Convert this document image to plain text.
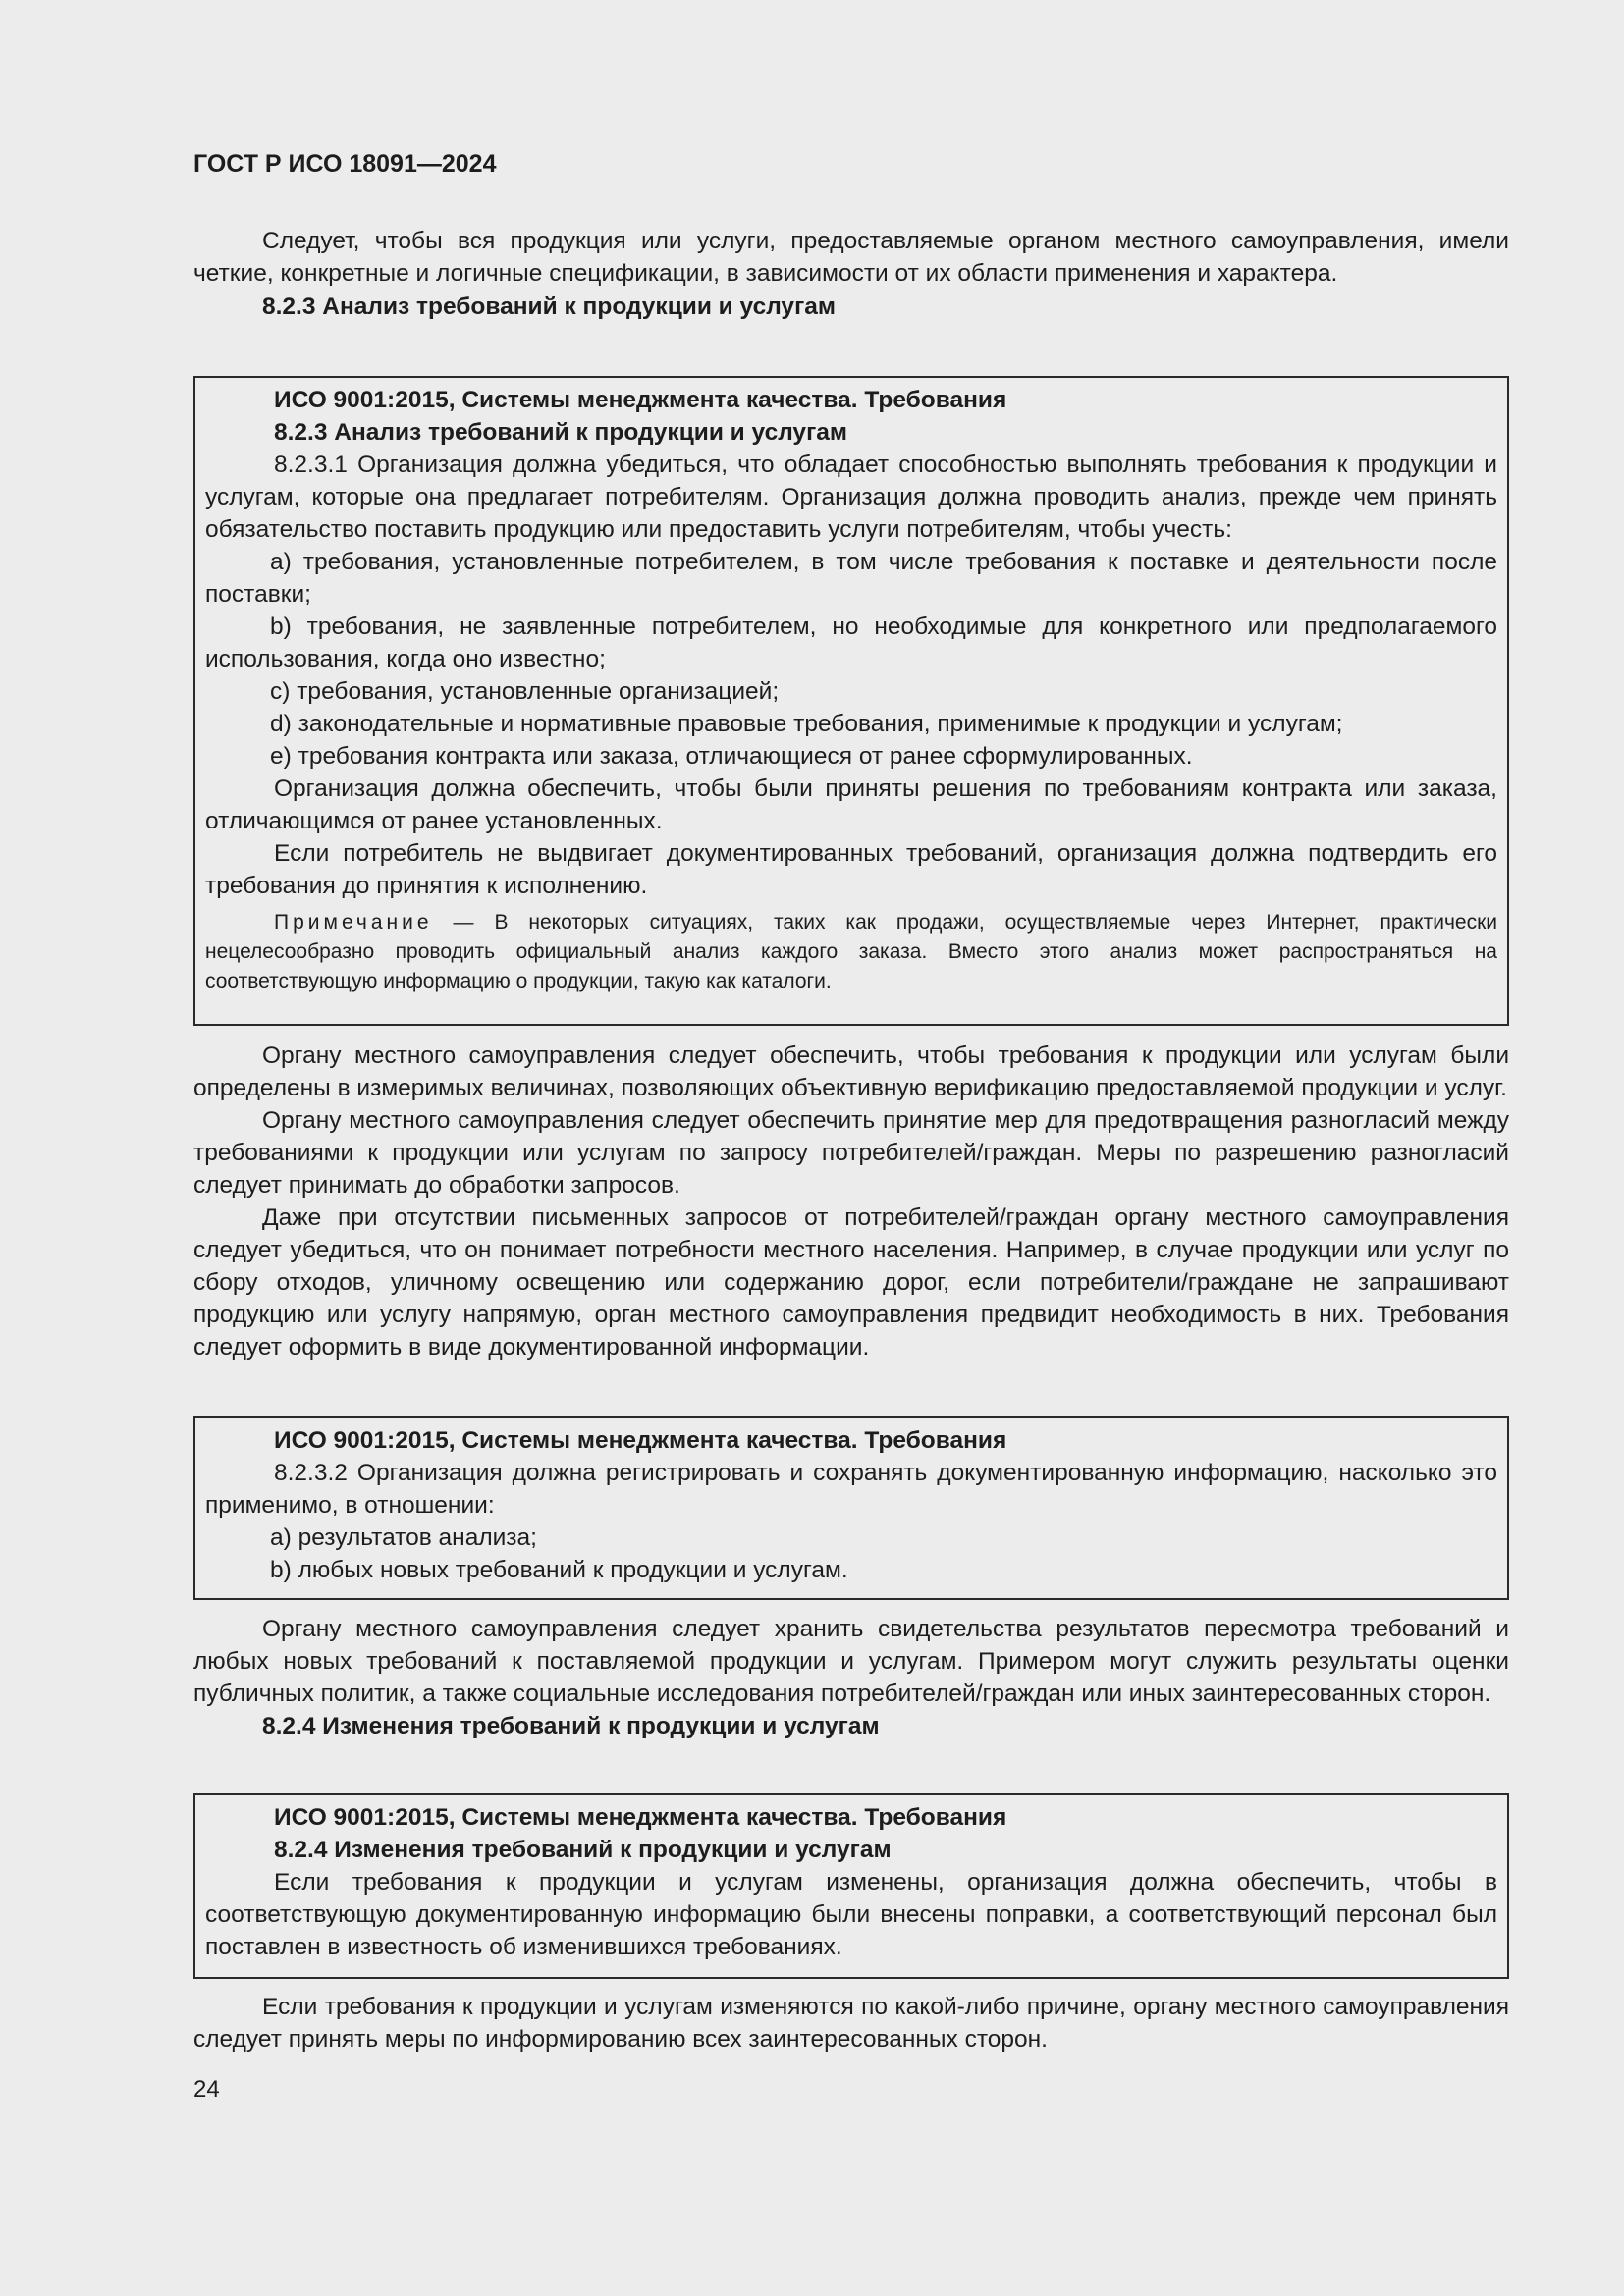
ГОСТ Р ИСО 18091—2024

Следует, чтобы вся продукция или услуги, предоставляемые органом местного самоуправления, имели четкие, конкретные и логичные спецификации, в зависимости от их области применения и характера.

8.2.3 Анализ требований к продукции и услугам

ИСО 9001:2015, Системы менеджмента качества. Требования

8.2.3 Анализ требований к продукции и услугам

8.2.3.1 Организация должна убедиться, что обладает способностью выполнять требования к продукции и услугам, которые она предлагает потребителям. Организация должна проводить анализ, прежде чем принять обязательство поставить продукцию или предоставить услуги потребителям, чтобы учесть:

a) требования, установленные потребителем, в том числе требования к поставке и деятельности после поставки;

b) требования, не заявленные потребителем, но необходимые для конкретного или предполагаемого использования, когда оно известно;

c) требования, установленные организацией;

d) законодательные и нормативные правовые требования, применимые к продукции и услугам;

e) требования контракта или заказа, отличающиеся от ранее сформулированных.

Организация должна обеспечить, чтобы были приняты решения по требованиям контракта или заказа, отличающимся от ранее установленных.

Если потребитель не выдвигает документированных требований, организация должна подтвердить его требования до принятия к исполнению.

Примечание — В некоторых ситуациях, таких как продажи, осуществляемые через Интернет, практически нецелесообразно проводить официальный анализ каждого заказа. Вместо этого анализ может распространяться на соответствующую информацию о продукции, такую как каталоги.

Органу местного самоуправления следует обеспечить, чтобы требования к продукции или услугам были определены в измеримых величинах, позволяющих объективную верификацию предоставляемой продукции и услуг.

Органу местного самоуправления следует обеспечить принятие мер для предотвращения разногласий между требованиями к продукции или услугам по запросу потребителей/граждан. Меры по разрешению разногласий следует принимать до обработки запросов.

Даже при отсутствии письменных запросов от потребителей/граждан органу местного самоуправления следует убедиться, что он понимает потребности местного населения. Например, в случае продукции или услуг по сбору отходов, уличному освещению или содержанию дорог, если потребители/граждане не запрашивают продукцию или услугу напрямую, орган местного самоуправления предвидит необходимость в них. Требования следует оформить в виде документированной информации.

ИСО 9001:2015, Системы менеджмента качества. Требования

8.2.3.2 Организация должна регистрировать и сохранять документированную информацию, насколько это применимо, в отношении:

a) результатов анализа;

b) любых новых требований к продукции и услугам.

Органу местного самоуправления следует хранить свидетельства результатов пересмотра требований и любых новых требований к поставляемой продукции и услугам. Примером могут служить результаты оценки публичных политик, а также социальные исследования потребителей/граждан или иных заинтересованных сторон.

8.2.4 Изменения требований к продукции и услугам

ИСО 9001:2015, Системы менеджмента качества. Требования

8.2.4 Изменения требований к продукции и услугам

Если требования к продукции и услугам изменены, организация должна обеспечить, чтобы в соответствующую документированную информацию были внесены поправки, а соответствующий персонал был поставлен в известность об изменившихся требованиях.

Если требования к продукции и услугам изменяются по какой-либо причине, органу местного самоуправления следует принять меры по информированию всех заинтересованных сторон.

24
